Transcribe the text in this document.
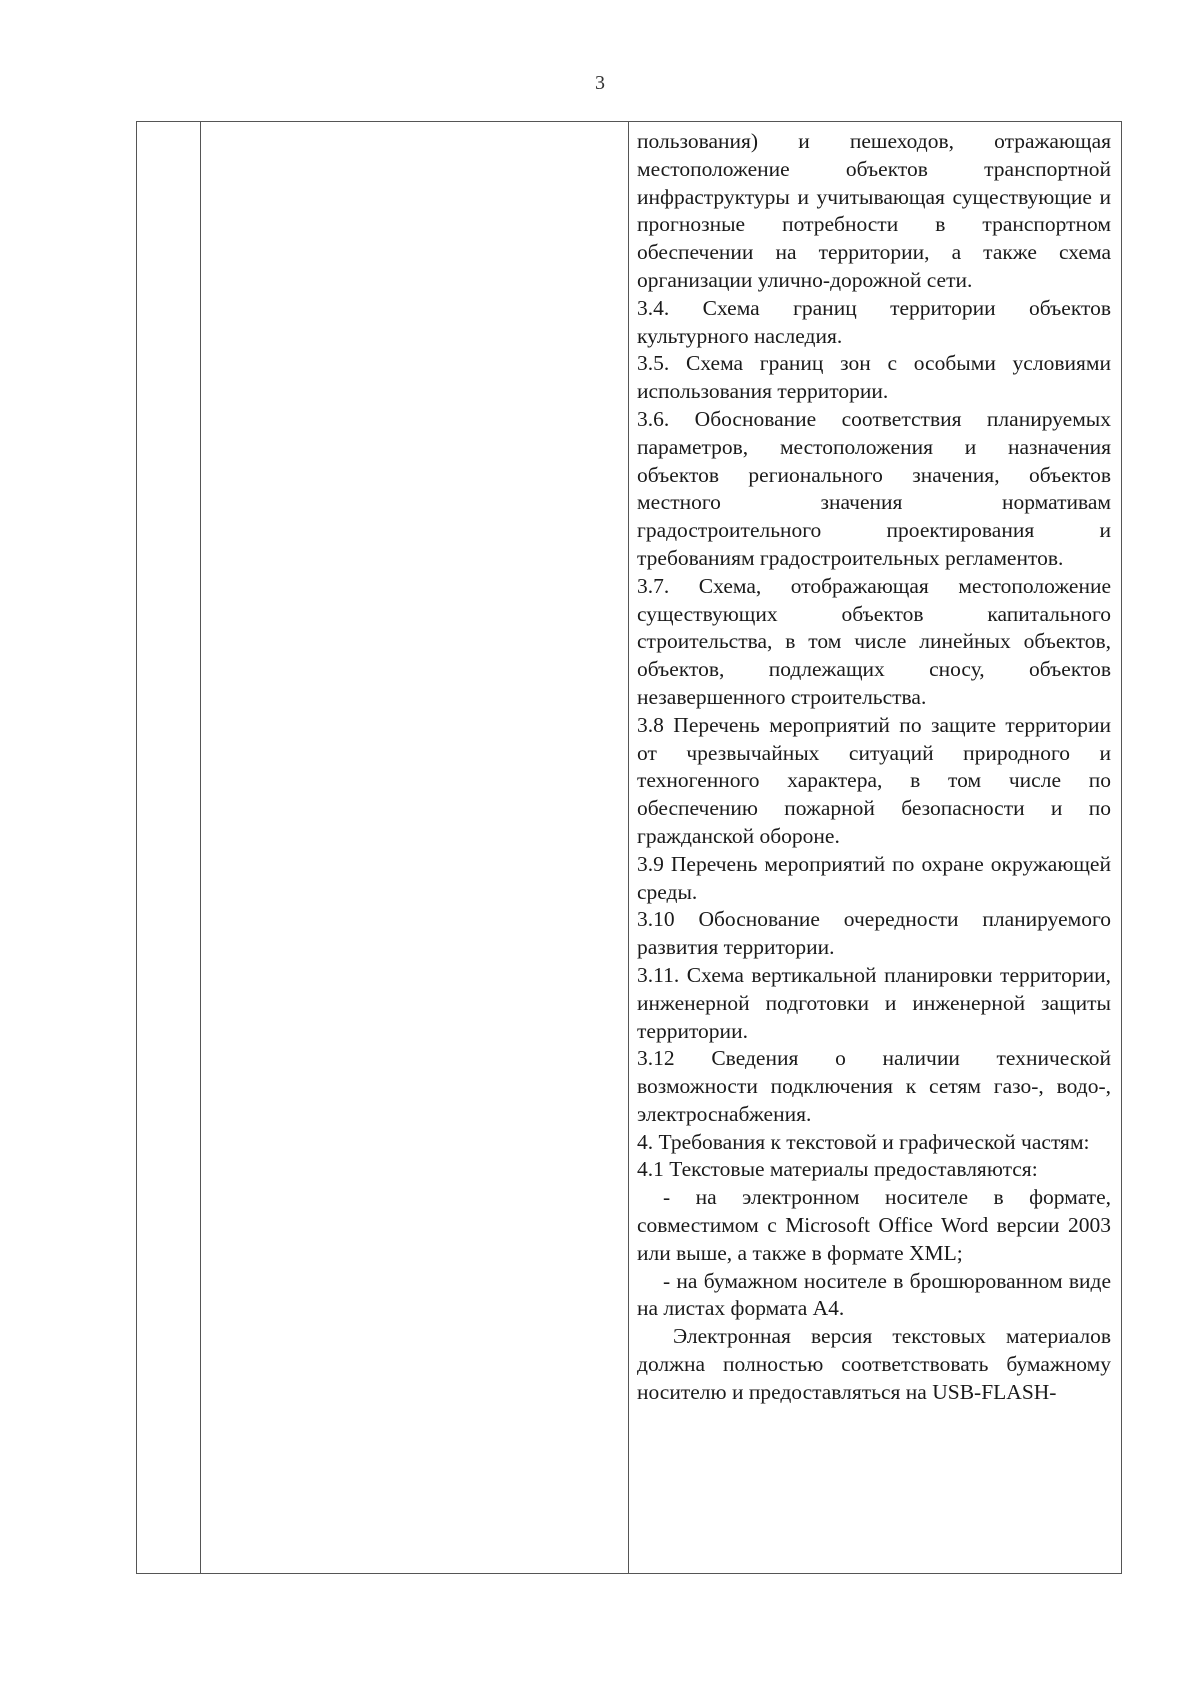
3

пользования) и пешеходов, отражающая местоположение объектов транспортной инфраструктуры и учитывающая существующие и прогнозные потребности в транспортном обеспечении на территории, а также схема организации улично-дорожной сети.

3.4. Схема границ территории объектов культурного наследия.

3.5. Схема границ зон с особыми условиями использования территории.

3.6. Обоснование соответствия планируемых параметров, местоположения и назначения объектов регионального значения, объектов местного значения нормативам градостроительного проектирования и требованиям градостроительных регламентов.

3.7. Схема, отображающая местоположение существующих объектов капитального строительства, в том числе линейных объектов, объектов, подлежащих сносу, объектов незавершенного строительства.

3.8 Перечень мероприятий по защите территории от чрезвычайных ситуаций природного и техногенного характера, в том числе по обеспечению пожарной безопасности и по гражданской обороне.

3.9 Перечень мероприятий по охране окружающей среды.

3.10 Обоснование очередности планируемого развития территории.

3.11. Схема вертикальной планировки территории, инженерной подготовки и инженерной защиты территории.

3.12 Сведения о наличии технической возможности подключения к сетям газо-, водо-, электроснабжения.

4. Требования к текстовой и графической частям:

4.1 Текстовые материалы предоставляются:

- на электронном носителе в формате, совместимом с Microsoft Office Word версии 2003 или выше, а также в формате XML;

- на бумажном носителе в брошюрованном виде на листах формата А4.

Электронная версия текстовых материалов должна полностью соответствовать бумажному носителю и предоставляться на USB-FLASH-
